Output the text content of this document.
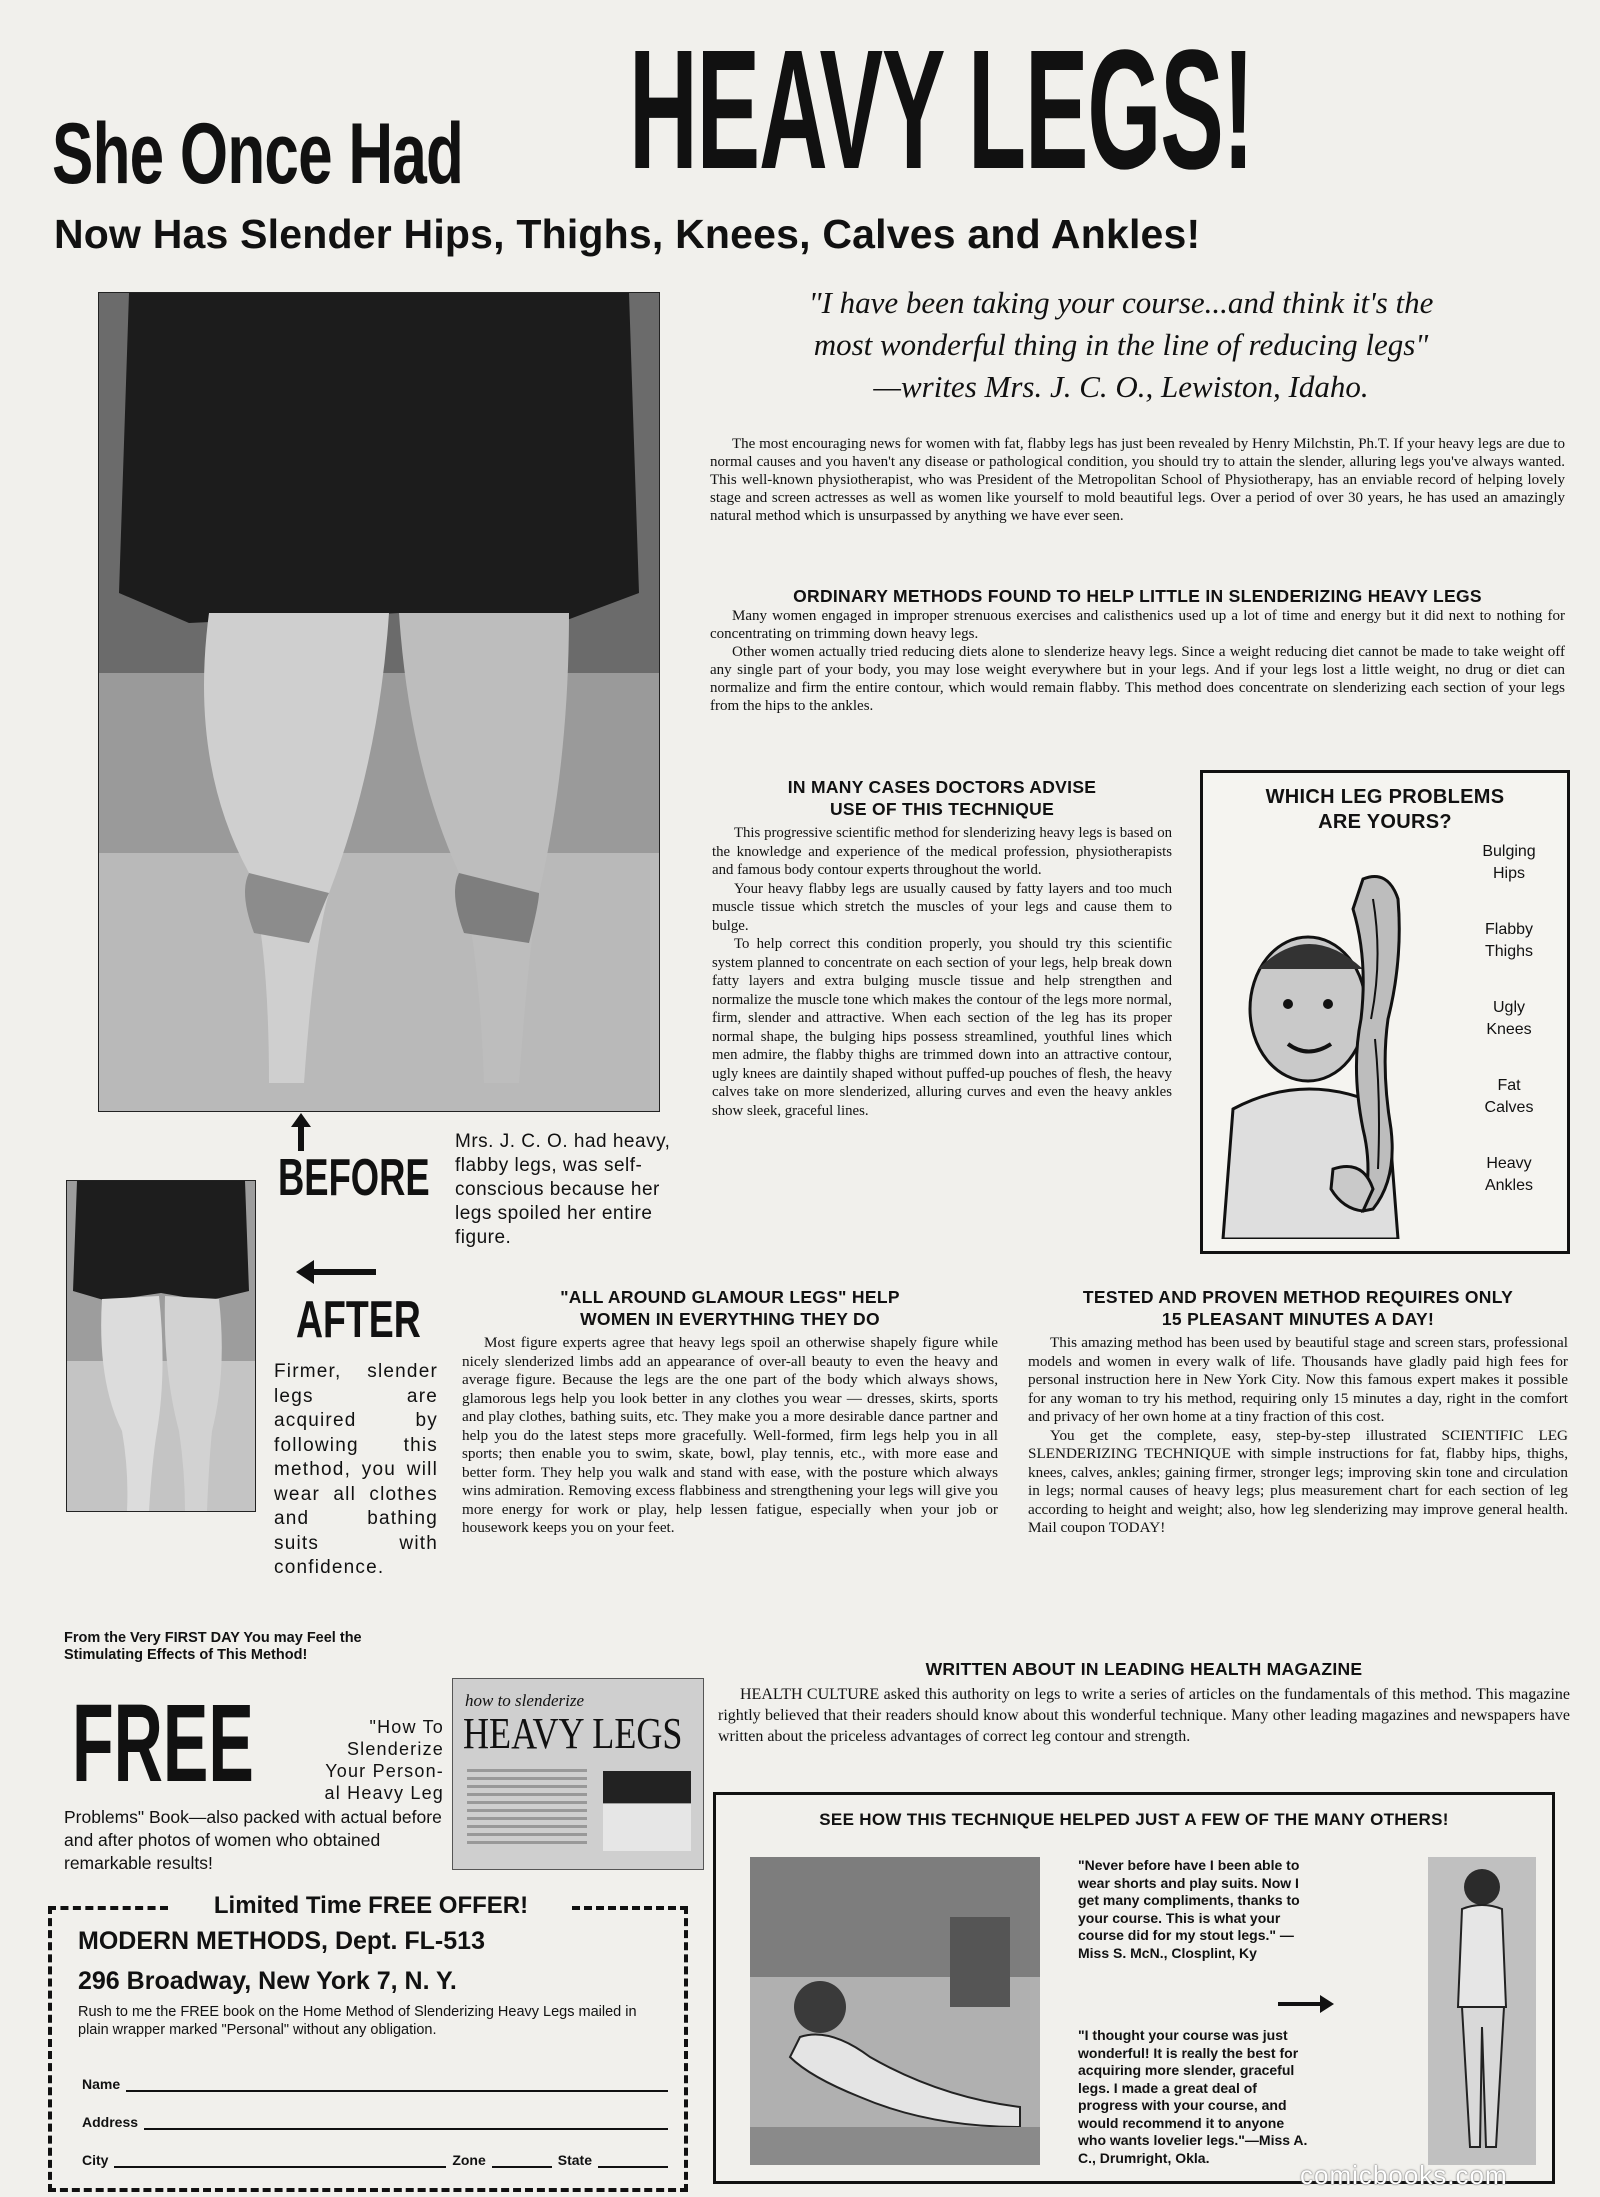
She Once Had HEAVY LEGS!
Now Has Slender Hips, Thighs, Knees, Calves and Ankles!
BEFORE
Mrs. J. C. O. had heavy, flabby legs, was self-conscious because her legs spoiled her entire figure.
AFTER
Firmer, slender legs are acquired by following this method, you will wear all clothes and bathing suits with confidence.
"I have been taking your course...and think it's the
most wonderful thing in the line of reducing legs"
—writes Mrs. J. C. O., Lewiston, Idaho.

The most encouraging news for women with fat, flabby legs has just been revealed by Henry Milchstin, Ph.T. If your heavy legs are due to normal causes and you haven't any disease or pathological condition, you should try to attain the slender, alluring legs you've always wanted. This well-known physiotherapist, who was President of the Metropolitan School of Physiotherapy, has an enviable record of helping lovely stage and screen actresses as well as women like yourself to mold beautiful legs. Over a period of over 30 years, he has used an amazingly natural method which is unsurpassed by anything we have ever seen.

ORDINARY METHODS FOUND TO HELP LITTLE IN SLENDERIZING HEAVY LEGS

Many women engaged in improper strenuous exercises and calisthenics used up a lot of time and energy but it did next to nothing for concentrating on trimming down heavy legs.

Other women actually tried reducing diets alone to slenderize heavy legs. Since a weight reducing diet cannot be made to take weight off any single part of your body, you may lose weight everywhere but in your legs. And if your legs lost a little weight, no drug or diet can normalize and firm the entire contour, which would remain flabby. This method does concentrate on slenderizing each section of your legs from the hips to the ankles.

IN MANY CASES DOCTORS ADVISE
USE OF THIS TECHNIQUE

This progressive scientific method for slenderizing heavy legs is based on the knowledge and experience of the medical profession, physiotherapists and famous body contour experts throughout the world.

Your heavy flabby legs are usually caused by fatty layers and too much muscle tissue which stretch the muscles of your legs and cause them to bulge.

To help correct this condition properly, you should try this scientific system planned to concentrate on each section of your legs, help break down fatty layers and extra bulging muscle tissue and help strengthen and normalize the muscle tone which makes the contour of the legs more normal, firm, slender and attractive. When each section of the leg has its proper normal shape, the bulging hips possess streamlined, youthful lines which men admire, the flabby thighs are trimmed down into an attractive contour, ugly knees are daintily shaped without puffed-up pouches of flesh, the heavy calves take on more slenderized, alluring curves and even the heavy ankles show sleek, graceful lines.

WHICH LEG PROBLEMS
ARE YOURS?
Bulging
Hips
Flabby
Thighs
Ugly
Knees
Fat
Calves
Heavy
Ankles
"ALL AROUND GLAMOUR LEGS" HELP
WOMEN IN EVERYTHING THEY DO

Most figure experts agree that heavy legs spoil an otherwise shapely figure while nicely slenderized limbs add an appearance of over-all beauty to even the heavy and average figure. Because the legs are the one part of the body which always shows, glamorous legs help you look better in any clothes you wear — dresses, skirts, sports and play clothes, bathing suits, etc. They make you a more desirable dance partner and help you do the latest steps more gracefully. Well-formed, firm legs help you in all sports; then enable you to swim, skate, bowl, play tennis, etc., with more ease and better form. They help you walk and stand with ease, with the posture which always wins admiration. Removing excess flabbiness and strengthening your legs will give you more energy for work or play, help lessen fatigue, especially when your job or housework keeps you on your feet.

TESTED AND PROVEN METHOD REQUIRES ONLY
15 PLEASANT MINUTES A DAY!

This amazing method has been used by beautiful stage and screen stars, professional models and women in every walk of life. Thousands have gladly paid high fees for personal instruction here in New York City. Now this famous expert makes it possible for any woman to try his method, requiring only 15 minutes a day, right in the comfort and privacy of her own home at a tiny fraction of this cost.

You get the complete, easy, step-by-step illustrated SCIENTIFIC LEG SLENDERIZING TECHNIQUE with simple instructions for fat, flabby hips, thighs, knees, calves, ankles; gaining firmer, stronger legs; improving skin tone and circulation in legs; normal causes of heavy legs; plus measurement chart for each section of leg according to height and weight; also, how leg slenderizing may improve general health. Mail coupon TODAY!

From the Very FIRST DAY You may Feel the Stimulating Effects of This Method!
FREE	"How To
Slenderize
Your Person-
al Heavy Leg
Problems" Book—also packed with actual before and after photos of women who obtained remarkable results!
how to slenderize
HEAVY LEGS
WRITTEN ABOUT IN LEADING HEALTH MAGAZINE

HEALTH CULTURE asked this authority on legs to write a series of articles on the fundamentals of this method. This magazine rightly believed that their readers should know about this wonderful technique. Many other leading magazines and newspapers have written about the priceless advantages of correct leg contour and strength.

SEE HOW THIS TECHNIQUE HELPED JUST A FEW OF THE MANY OTHERS!
"Never before have I been able to wear shorts and play suits. Now I get many compliments, thanks to your course. This is what your course did for my stout legs." —Miss S. McN., Closplint, Ky
"I thought your course was just wonderful! It is really the best for acquiring more slender, graceful legs. I made a great deal of progress with your course, and would recommend it to anyone who wants lovelier legs."—Miss A. C., Drumright, Okla.
Limited Time FREE OFFER!
MODERN METHODS, Dept. FL-513
296 Broadway, New York 7, N. Y.
Rush to me the FREE book on the Home Method of Slenderizing Heavy Legs mailed in plain wrapper marked "Personal" without any obligation.
Name
Address
City	Zone	State	comicbooks.com
